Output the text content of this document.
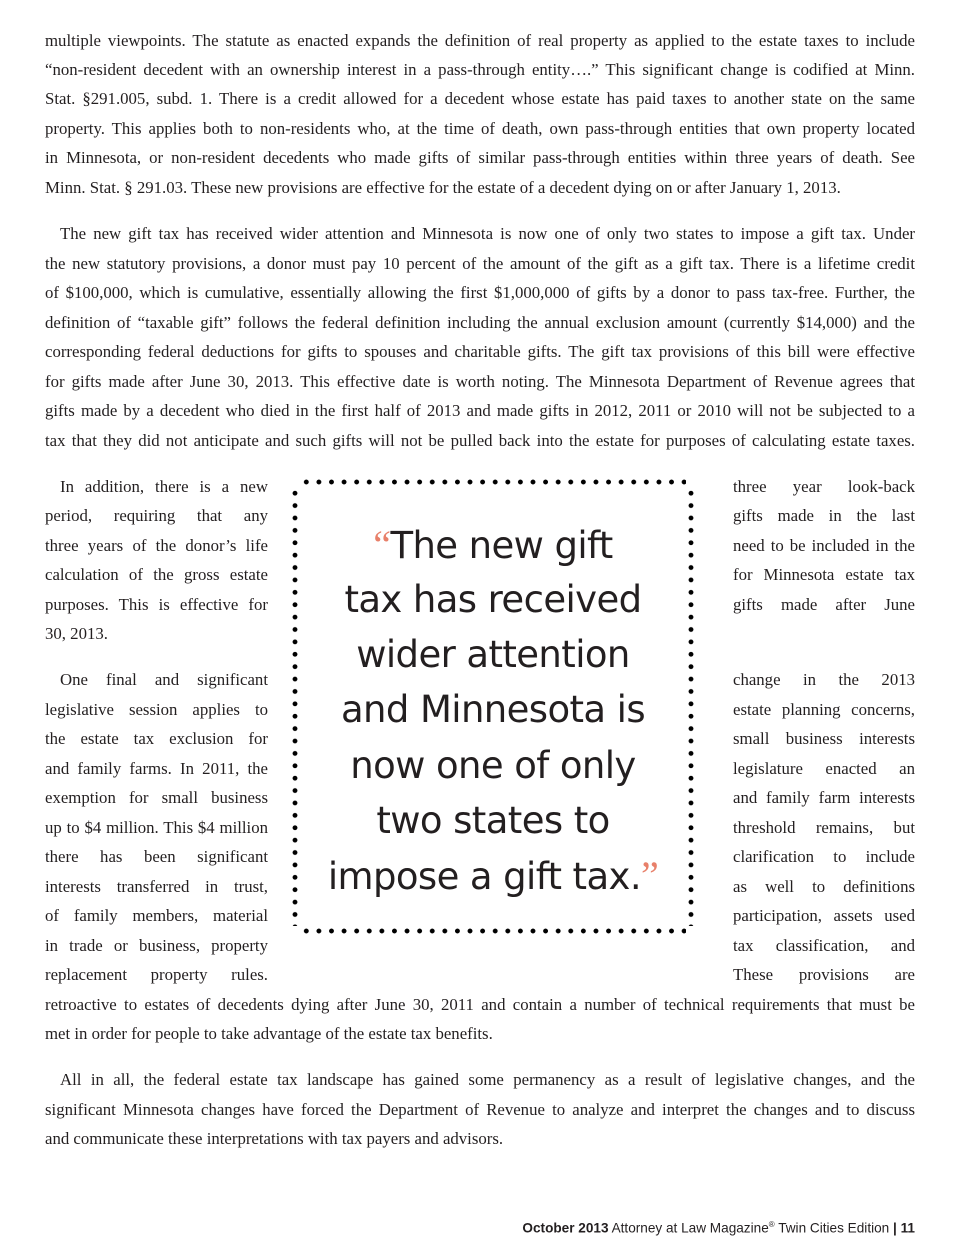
multiple viewpoints. The statute as enacted expands the definition of real property as applied to the estate taxes to include
“non-resident decedent with an ownership interest in a pass-through entity….” This significant change is codified at Minn.
Stat. §291.005, subd. 1. There is a credit allowed for a decedent whose estate has paid taxes to another state on the same
property. This applies both to non-residents who, at the time of death, own pass-through entities that own property located
in Minnesota, or non-resident decedents who made gifts of similar pass-through entities within three years of death. See
Minn. Stat. § 291.03. These new provisions are effective for the estate of a decedent dying on or after January 1, 2013.
The new gift tax has received wider attention and Minnesota is now one of only two states to impose a gift tax. Under
the new statutory provisions, a donor must pay 10 percent of the amount of the gift as a gift tax. There is a lifetime credit
of $100,000, which is cumulative, essentially allowing the first $1,000,000 of gifts by a donor to pass tax-free. Further, the
definition of “taxable gift” follows the federal definition including the annual exclusion amount (currently $14,000) and the
corresponding federal deductions for gifts to spouses and charitable gifts. The gift tax provisions of this bill were effective
for gifts made after June 30, 2013. This effective date is worth noting. The Minnesota Department of Revenue agrees that
gifts made by a decedent who died in the first half of 2013 and made gifts in 2012, 2011 or 2010 will not be subjected to a
tax that they did not anticipate and such gifts will not be pulled back into the estate for purposes of calculating estate taxes.
In addition, there is a new
period, requiring that any
three years of the donor’s life
calculation of the gross estate
purposes. This is effective for
30, 2013.
three year look-back
gifts made in the last
need to be included in the
for Minnesota estate tax
gifts made after June
One final and significant
legislative session applies to
the estate tax exclusion for
and family farms. In 2011, the
exemption for small business
up to $4 million. This $4 million
there has been significant
interests transferred in trust,
of family members, material
in trade or business, property
replacement property rules.
change in the 2013
estate planning concerns,
small business interests
legislature enacted an
and family farm interests
threshold remains, but
clarification to include
as well to definitions
participation, assets used
tax classification, and
These provisions are
retroactive to estates of decedents dying after June 30, 2011 and contain a number of technical requirements that must be
met in order for people to take advantage of the estate tax benefits.
All in all, the federal estate tax landscape has gained some permanency as a result of legislative changes, and the
significant Minnesota changes have forced the Department of Revenue to analyze and interpret the changes and to discuss
and communicate these interpretations with tax payers and advisors.
“The new gift
tax has received
wider attention
and Minnesota is
now one of only
two states to
impose a gift tax.”
October 2013 Attorney at Law Magazine® Twin Cities Edition | 11
